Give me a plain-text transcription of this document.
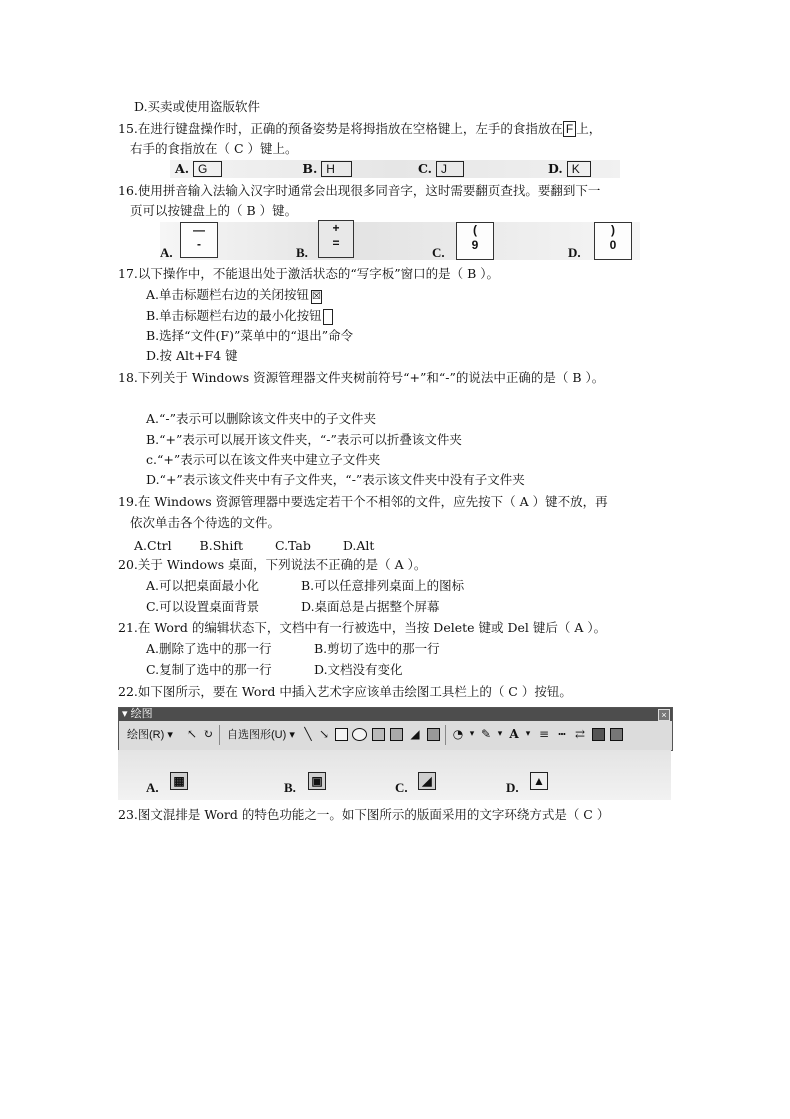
D.买卖或使用盗版软件
15.在进行键盘操作时，正确的预备姿势是将拇指放在空格键上，左手的食指放在 F 上，
右手的食指放在（ C ）键上。
A. G	B. H	C. J	D. K
16.使用拼音输入法输入汉字时通常会出现很多同音字，这时需要翻页查找。要翻到下一
页可以按键盘上的（ B ）键。
A.
—
-
B.
+
=
C.
(
9	D.
)
0
17.以下操作中，不能退出处于激活状态的“写字板”窗口的是（ B ）。
A.单击标题栏右边的关闭按钮 ☒
B.单击标题栏右边的最小化按钮
B.选择“文件(F)”菜单中的“退出”命令
D.按 Alt+F4 键
18.下列关于 Windows 资源管理器文件夹树前符号“+”和“-”的说法中正确的是（ B ）。
A.“-”表示可以删除该文件夹中的子文件夹
B.“+”表示可以展开该文件夹，“-”表示可以折叠该文件夹
c.“+”表示可以在该文件夹中建立子文件夹
D.“+”表示该文件夹中有子文件夹，“-”表示该文件夹中没有子文件夹
19.在 Windows 资源管理器中要选定若干个不相邻的文件，应先按下（ A ）键不放，再
依次单击各个待选的文件。
A.Ctrl B.Shift	C.Tab	D.Alt
20.关于 Windows 桌面，下列说法不正确的是（ A ）。
A.可以把桌面最小化	B.可以任意排列桌面上的图标
C.可以设置桌面背景	D.桌面总是占据整个屏幕
21.在 Word 的编辑状态下，文档中有一行被选中，当按 Delete 键或 Del 键后（ A ）。
A.删除了选中的那一行	B.剪切了选中的那一行
C.复制了选中的那一行	D.文档没有变化
22.如下图所示，要在 Word 中插入艺术字应该单击绘图工具栏上的（ C ）按钮。
▾ 绘图	×
绘图(R) ▾ ↖ ↻ 自选图形(U) ▾ ╲ ↘	◢	◔ ▾ ✎ ▾ A ▾ ≡ ┅ ⇄
A. ▦	B. ▣	C.	◢	D. ▲
23.图文混排是 Word 的特色功能之一。如下图所示的版面采用的文字环绕方式是（ C ）
